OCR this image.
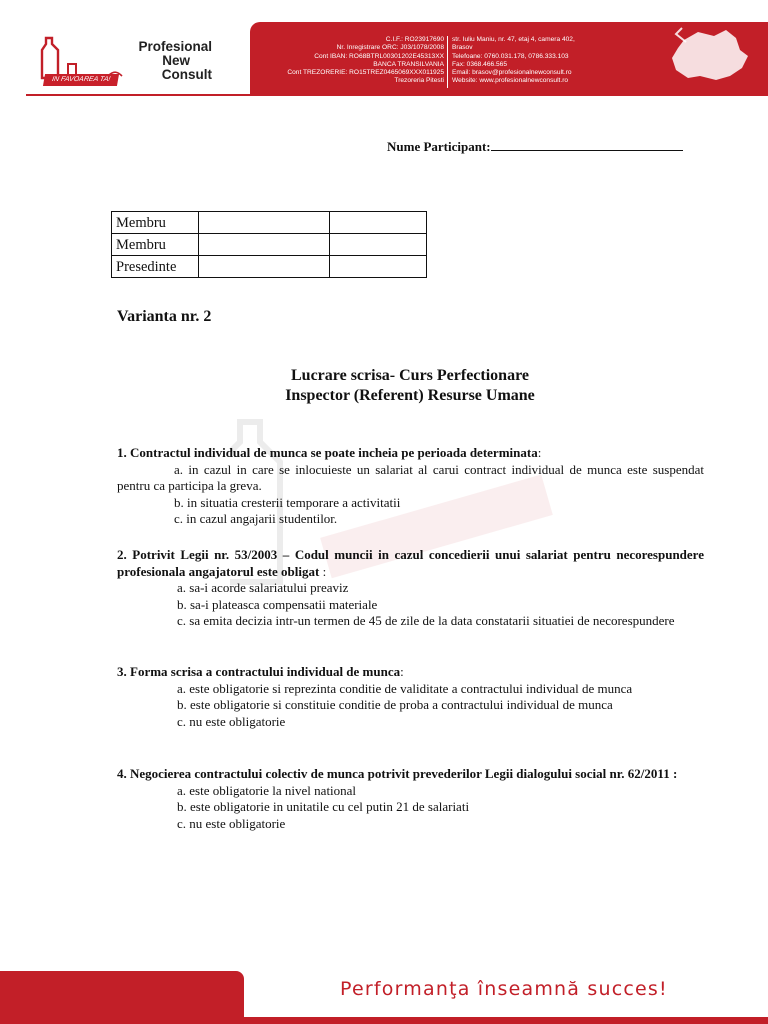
IN FAVOAREA TA!
Profesional
New
Consult
C.I.F.: RO23917690
Nr. Inregistrare ORC: J03/1078/2008
Cont IBAN: RO68BTRL00301202E45313XX
BANCA TRANSILVANIA
Cont TREZORERIE: RO15TREZ0465069XXX011925
Trezoreria Pitesti
str. Iuliu Maniu, nr. 47, etaj 4, camera 402,
Brasov
Telefoane: 0760.031.178, 0786.333.103
Fax: 0368.466.565
Email: brasov@profesionalnewconsult.ro
Website: www.profesionalnewconsult.ro
Nume Participant:
Membru		
Membru		
Presedinte		
Varianta nr. 2
Lucrare scrisa- Curs Perfectionare
Inspector (Referent) Resurse Umane
1. Contractul individual de munca se poate incheia pe perioada determinata:
a. in cazul in care se inlocuieste un salariat al carui contract individual de munca este suspendat pentru ca participa la greva.
b. in situatia cresterii temporare a activitatii
c. in cazul angajarii studentilor.
2. Potrivit Legii nr. 53/2003 – Codul muncii in cazul concedierii unui salariat pentru necorespundere profesionala angajatorul este obligat :
a. sa-i acorde salariatului preaviz
b. sa-i plateasca compensatii materiale
c. sa emita decizia intr-un termen de 45 de zile de la data constatarii situatiei de necorespundere
3. Forma scrisa a contractului individual de munca:
a. este obligatorie si reprezinta conditie de validitate a contractului individual de munca
b. este obligatorie si constituie conditie de proba a contractului individual de munca
c. nu este obligatorie
4. Negocierea contractului colectiv de munca potrivit prevederilor Legii dialogului social nr. 62/2011 :
a. este obligatorie la nivel national
b. este obligatorie in unitatile cu cel putin 21 de salariati
c. nu este obligatorie
Performanţa înseamnă succes!
